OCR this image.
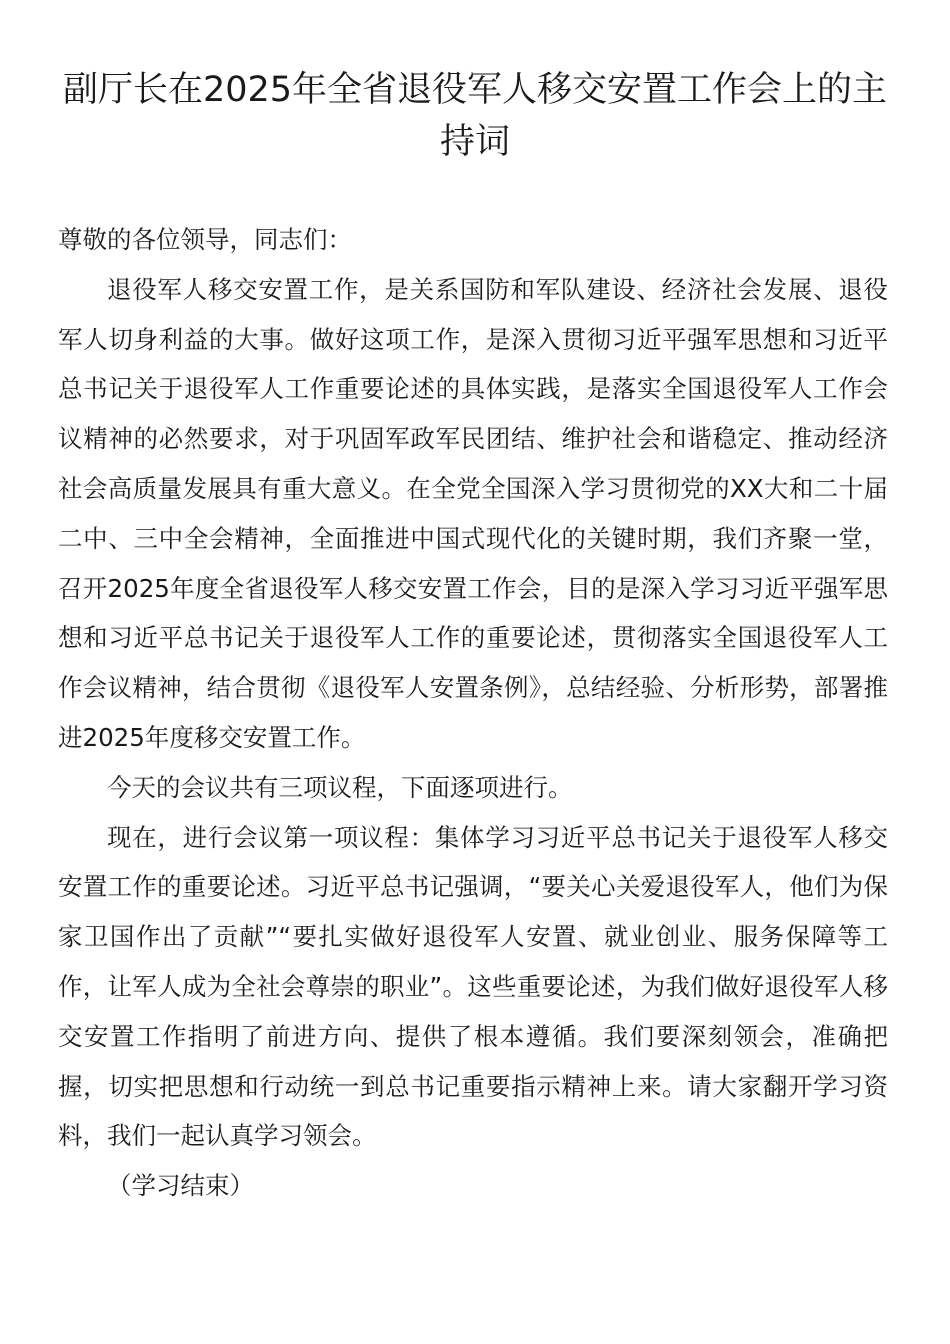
副厅长在2025年全省退役军人移交安置工作会上的主持词

尊敬的各位领导，同志们：

退役军人移交安置工作，是关系国防和军队建设、经济社会发展、退役军人切身利益的大事。做好这项工作，是深入贯彻习近平强军思想和习近平总书记关于退役军人工作重要论述的具体实践，是落实全国退役军人工作会议精神的必然要求，对于巩固军政军民团结、维护社会和谐稳定、推动经济社会高质量发展具有重大意义。在全党全国深入学习贯彻党的XX大和二十届二中、三中全会精神，全面推进中国式现代化的关键时期，我们齐聚一堂，召开2025年度全省退役军人移交安置工作会，目的是深入学习习近平强军思想和习近平总书记关于退役军人工作的重要论述，贯彻落实全国退役军人工作会议精神，结合贯彻《退役军人安置条例》，总结经验、分析形势，部署推进2025年度移交安置工作。

今天的会议共有三项议程，下面逐项进行。

现在，进行会议第一项议程：集体学习习近平总书记关于退役军人移交安置工作的重要论述。习近平总书记强调，“要关心关爱退役军人，他们为保家卫国作出了贡献”“要扎实做好退役军人安置、就业创业、服务保障等工作，让军人成为全社会尊崇的职业”。这些重要论述，为我们做好退役军人移交安置工作指明了前进方向、提供了根本遵循。我们要深刻领会，准确把握，切实把思想和行动统一到总书记重要指示精神上来。请大家翻开学习资料，我们一起认真学习领会。

（学习结束）
